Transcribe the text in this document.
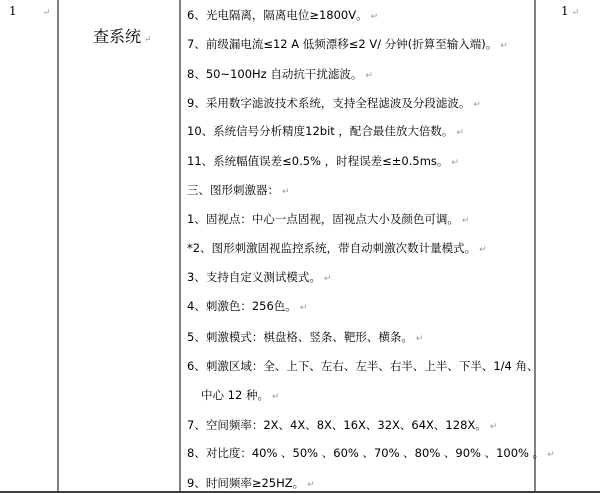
1	↵
查系统 ↵
1 ↵
6、光电隔离，隔离电位≥1800V。 ↵
7、前级漏电流≤12 A 低频漂移≤2 V/ 分钟(折算至输入端)。 ↵
8、50~100Hz 自动抗干扰滤波。 ↵
9、采用数字滤波技术系统，支持全程滤波及分段滤波。 ↵
10、系统信号分析精度12bit ，配合最佳放大倍数。 ↵
11、系统幅值误差≤0.5% ，时程误差≤±0.5ms。 ↵
三、图形刺激器： ↵
1、固视点：中心一点固视，固视点大小及颜色可调。 ↵
*2、图形刺激固视监控系统，带自动刺激次数计量模式。 ↵
3、支持自定义测试模式。 ↵
4、刺激色：256色。 ↵
5、刺激模式：棋盘格、竖条、靶形、横条。 ↵
6、刺激区域：全、上下、左右、左半、右半、上半、下半、1/4 角、
中心 12 种。 ↵
7、空间频率：2X、4X、8X、16X、32X、64X、128X。 ↵
8、对比度：40% 、50% 、60% 、70% 、80% 、90% 、100% 。 ↵
9、时间频率≥25HZ。 ↵
